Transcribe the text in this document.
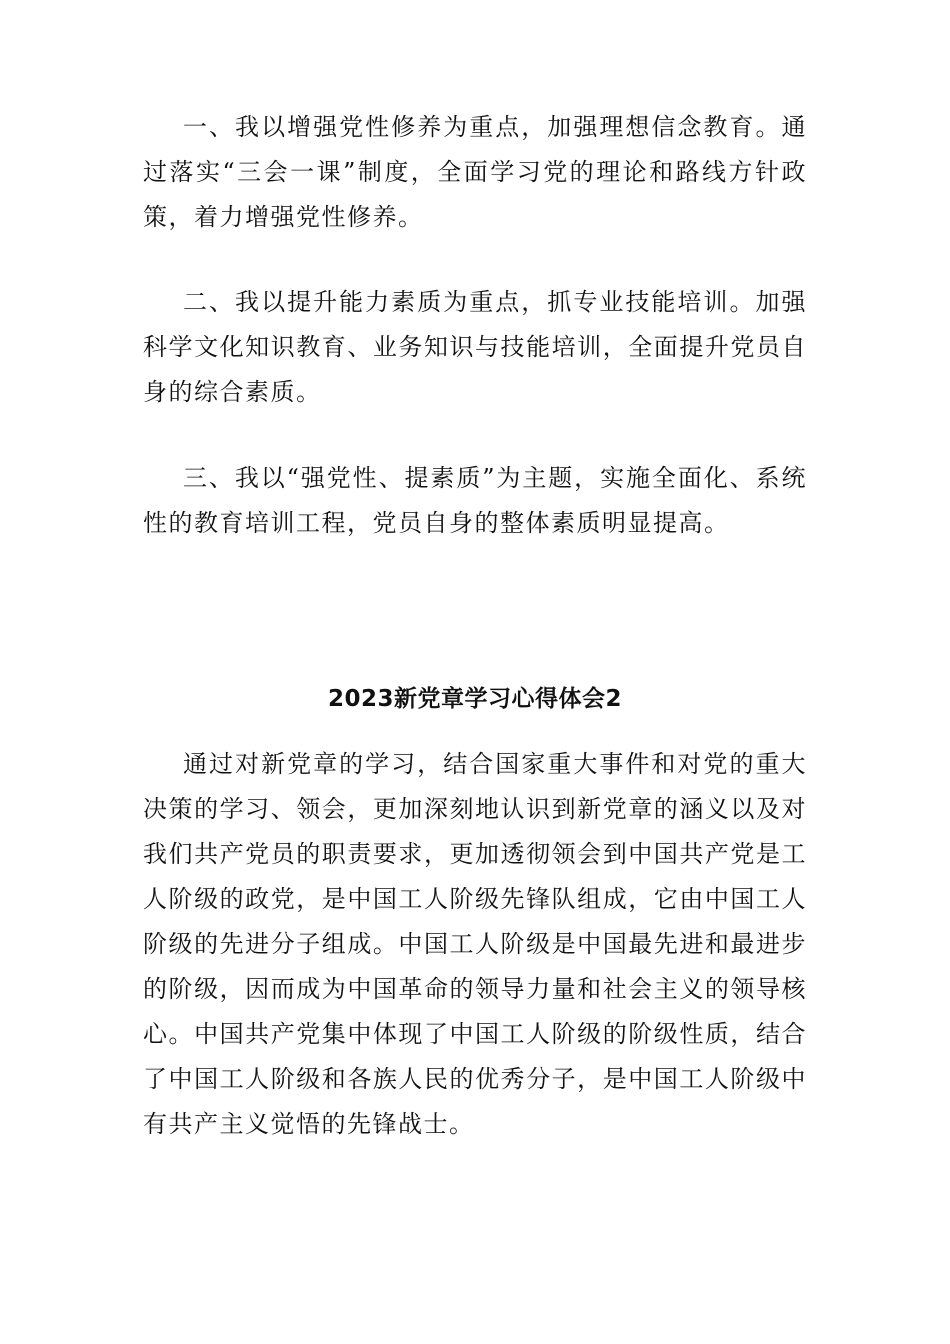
一、我以增强党性修养为重点，加强理想信念教育。通过落实“三会一课”制度，全面学习党的理论和路线方针政策，着力增强党性修养。

二、我以提升能力素质为重点，抓专业技能培训。加强科学文化知识教育、业务知识与技能培训，全面提升党员自身的综合素质。

三、我以“强党性、提素质”为主题，实施全面化、系统性的教育培训工程，党员自身的整体素质明显提高。

2023新党章学习心得体会2

通过对新党章的学习，结合国家重大事件和对党的重大决策的学习、领会，更加深刻地认识到新党章的涵义以及对我们共产党员的职责要求，更加透彻领会到中国共产党是工人阶级的政党，是中国工人阶级先锋队组成，它由中国工人阶级的先进分子组成。中国工人阶级是中国最先进和最进步的阶级，因而成为中国革命的领导力量和社会主义的领导核心。中国共产党集中体现了中国工人阶级的阶级性质，结合了中国工人阶级和各族人民的优秀分子，是中国工人阶级中有共产主义觉悟的先锋战士。
